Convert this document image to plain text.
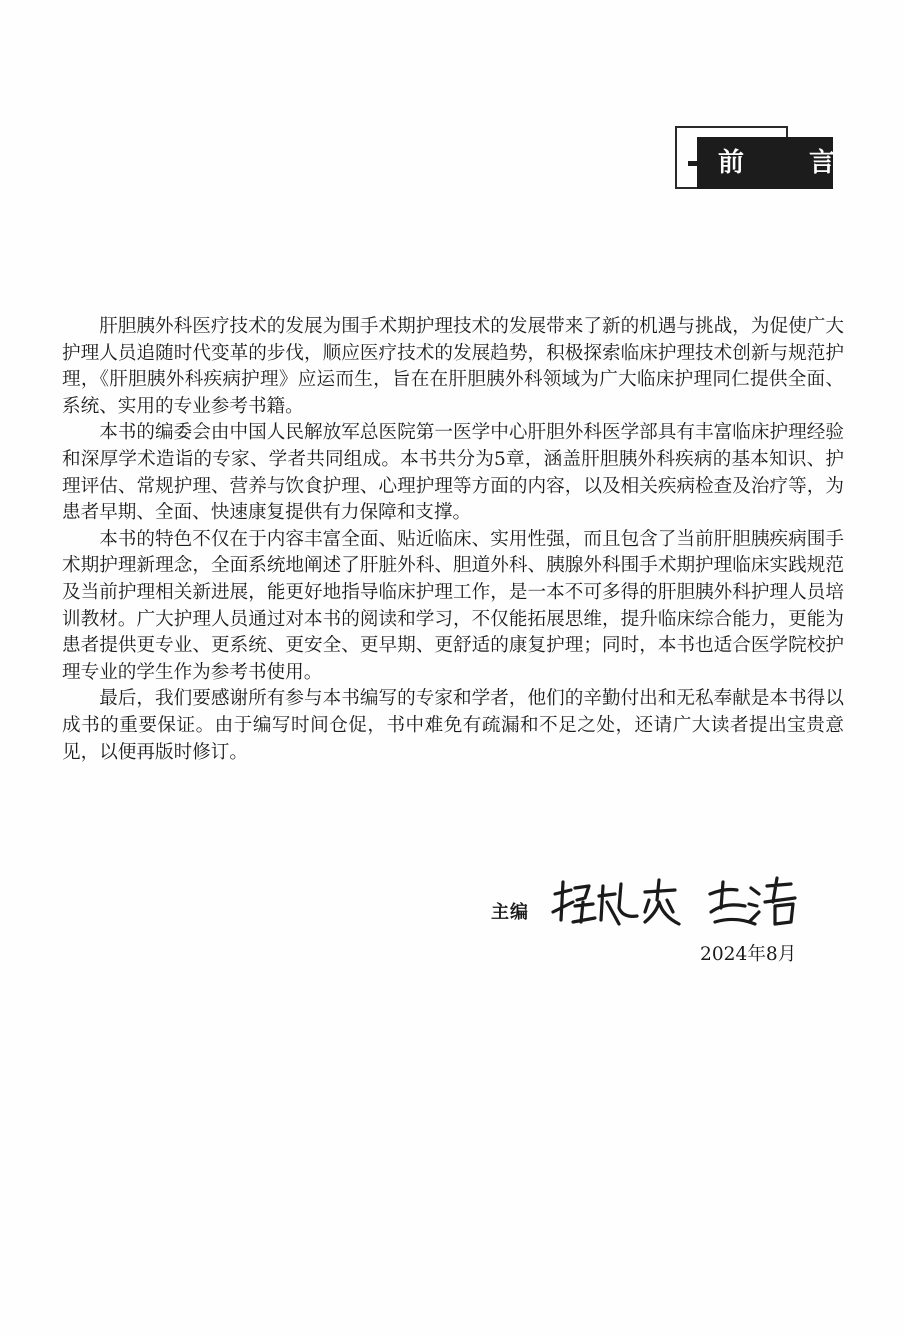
前 言

肝胆胰外科医疗技术的发展为围手术期护理技术的发展带来了新的机遇与挑战，为促使广大护理人员追随时代变革的步伐，顺应医疗技术的发展趋势，积极探索临床护理技术创新与规范护理，《肝胆胰外科疾病护理》应运而生，旨在在肝胆胰外科领域为广大临床护理同仁提供全面、系统、实用的专业参考书籍。

本书的编委会由中国人民解放军总医院第一医学中心肝胆外科医学部具有丰富临床护理经验和深厚学术造诣的专家、学者共同组成。本书共分为5章，涵盖肝胆胰外科疾病的基本知识、护理评估、常规护理、营养与饮食护理、心理护理等方面的内容，以及相关疾病检查及治疗等，为患者早期、全面、快速康复提供有力保障和支撑。

本书的特色不仅在于内容丰富全面、贴近临床、实用性强，而且包含了当前肝胆胰疾病围手术期护理新理念，全面系统地阐述了肝脏外科、胆道外科、胰腺外科围手术期护理临床实践规范及当前护理相关新进展，能更好地指导临床护理工作，是一本不可多得的肝胆胰外科护理人员培训教材。广大护理人员通过对本书的阅读和学习，不仅能拓展思维，提升临床综合能力，更能为患者提供更专业、更系统、更安全、更早期、更舒适的康复护理；同时，本书也适合医学院校护理专业的学生作为参考书使用。

最后，我们要感谢所有参与本书编写的专家和学者，他们的辛勤付出和无私奉献是本书得以成书的重要保证。由于编写时间仓促，书中难免有疏漏和不足之处，还请广大读者提出宝贵意见，以便再版时修订。

主编
2024年8月
